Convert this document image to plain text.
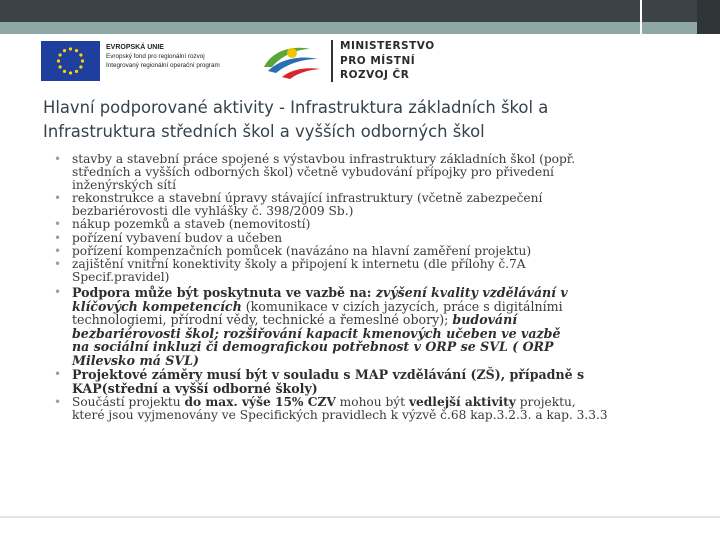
EVROPSKÁ UNIE
Evropský fond pro regionální rozvoj
Integrovaný regionální operační program
MINISTERSTVO
PRO MÍSTNÍ
ROZVOJ ČR
Hlavní podporované aktivity - Infrastruktura základních škol a
Infrastruktura středních škol a vyšších odborných škol
• stavby a stavební práce spojené s výstavbou infrastruktury základních škol (popř.
středních a vyšších odborných škol) včetně vybudování přípojky pro přivedení
inženýrských sítí
• rekonstrukce a stavební úpravy stávající infrastruktury (včetně zabezpečení
bezbariérovosti dle vyhlášky č. 398/2009 Sb.)
• nákup pozemků a staveb (nemovitostí)
• pořízení vybavení budov a učeben
• pořízení kompenzačních pomůcek (navázáno na hlavní zaměření projektu)
• zajištění vnitřní konektivity školy a připojení k internetu (dle přílohy č.7A
Specif.pravidel)
• Podpora může být poskytnuta ve vazbě na: zvýšení kvality vzdělávání v
klíčových kompetencích (komunikace v cizích jazycích, práce s digitálními
technologiemi, přírodní vědy, technické a řemeslné obory); budování
bezbariérovosti škol; rozšiřování kapacit kmenových učeben ve vazbě
na sociální inkluzi či demografickou potřebnost v ORP se SVL ( ORP
Milevsko má SVL)
• Projektové záměry musí být v souladu s MAP vzdělávání (ZŠ), případně s
KAP(střední a vyšší odborné školy)
• Součástí projektu do max. výše 15% CZV mohou být vedlejší aktivity projektu,
které jsou vyjmenovány ve Specifických pravidlech k výzvě č.68 kap.3.2.3. a kap. 3.3.3
